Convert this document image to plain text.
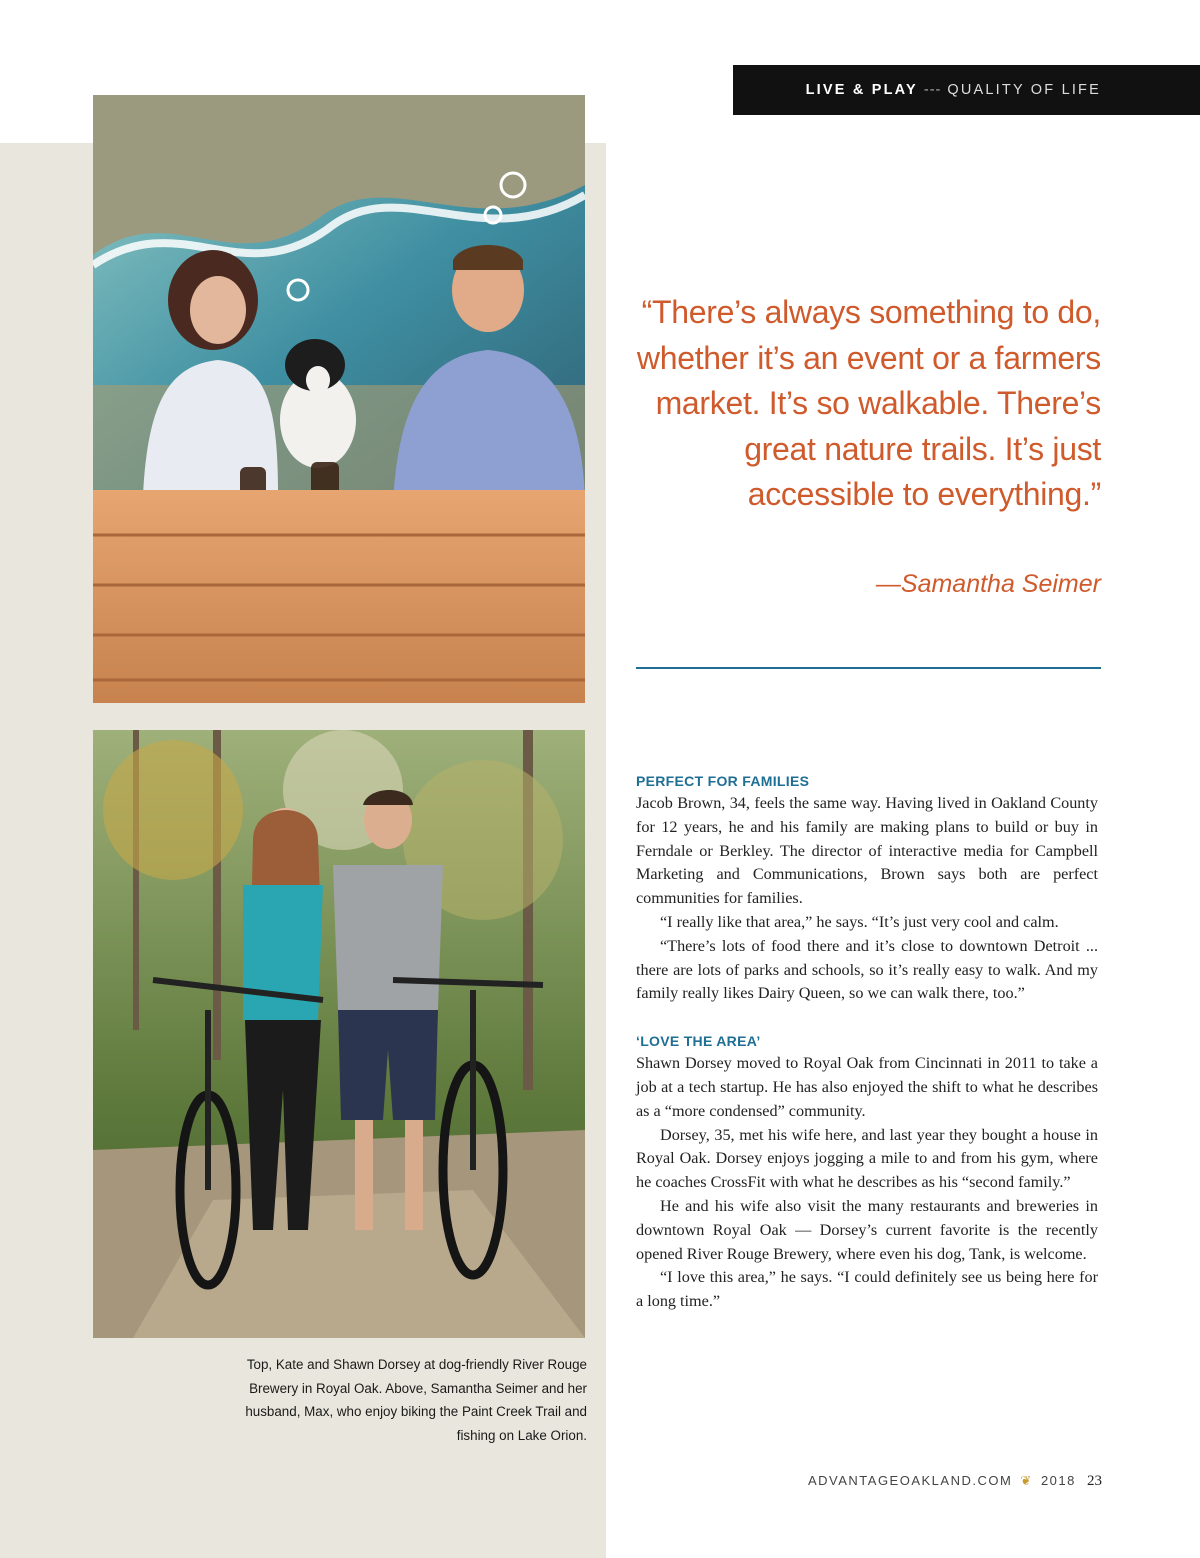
LIVE & PLAY --- QUALITY OF LIFE
Top, Kate and Shawn Dorsey at dog-friendly River Rouge Brewery in Royal Oak. Above, Samantha Seimer and her husband, Max, who enjoy biking the Paint Creek Trail and fishing on Lake Orion.
“There’s always something to do, whether it’s an event or a farmers market. It’s so walkable. There’s great nature trails. It’s just accessible to everything.”
—Samantha Seimer
PERFECT FOR FAMILIES

Jacob Brown, 34, feels the same way. Having lived in Oakland County for 12 years, he and his family are making plans to build or buy in Ferndale or Berkley. The director of interactive media for Campbell Marketing and Communications, Brown says both are perfect communities for families.

“I really like that area,” he says. “It’s just very cool and calm.

“There’s lots of food there and it’s close to downtown Detroit ... there are lots of parks and schools, so it’s really easy to walk. And my family really likes Dairy Queen, so we can walk there, too.”

‘LOVE THE AREA’

Shawn Dorsey moved to Royal Oak from Cincinnati in 2011 to take a job at a tech startup. He has also enjoyed the shift to what he describes as a “more condensed” community.

Dorsey, 35, met his wife here, and last year they bought a house in Royal Oak. Dorsey enjoys jogging a mile to and from his gym, where he coaches CrossFit with what he describes as his “second family.”

He and his wife also visit the many restaurants and breweries in downtown Royal Oak — Dorsey’s current favorite is the recently opened River Rouge Brewery, where even his dog, Tank, is welcome.

“I love this area,” he says. “I could definitely see us being here for a long time.”

ADVANTAGEOAKLAND.COM ❦ 2018 23
